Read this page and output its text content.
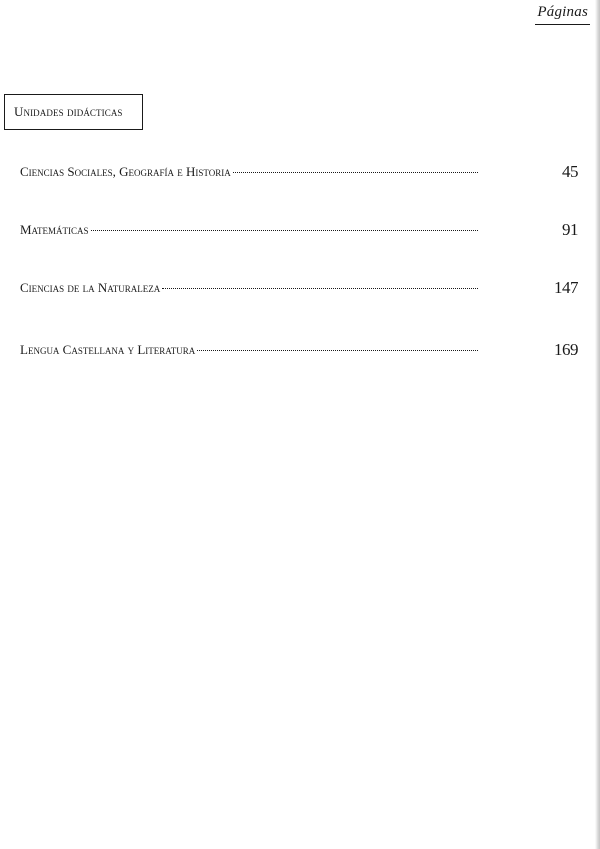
Páginas
Unidades didácticas
Ciencias Sociales, Geografía e Historia	45
Matemáticas	91
Ciencias de la Naturaleza	147
Lengua Castellana y Literatura	169
